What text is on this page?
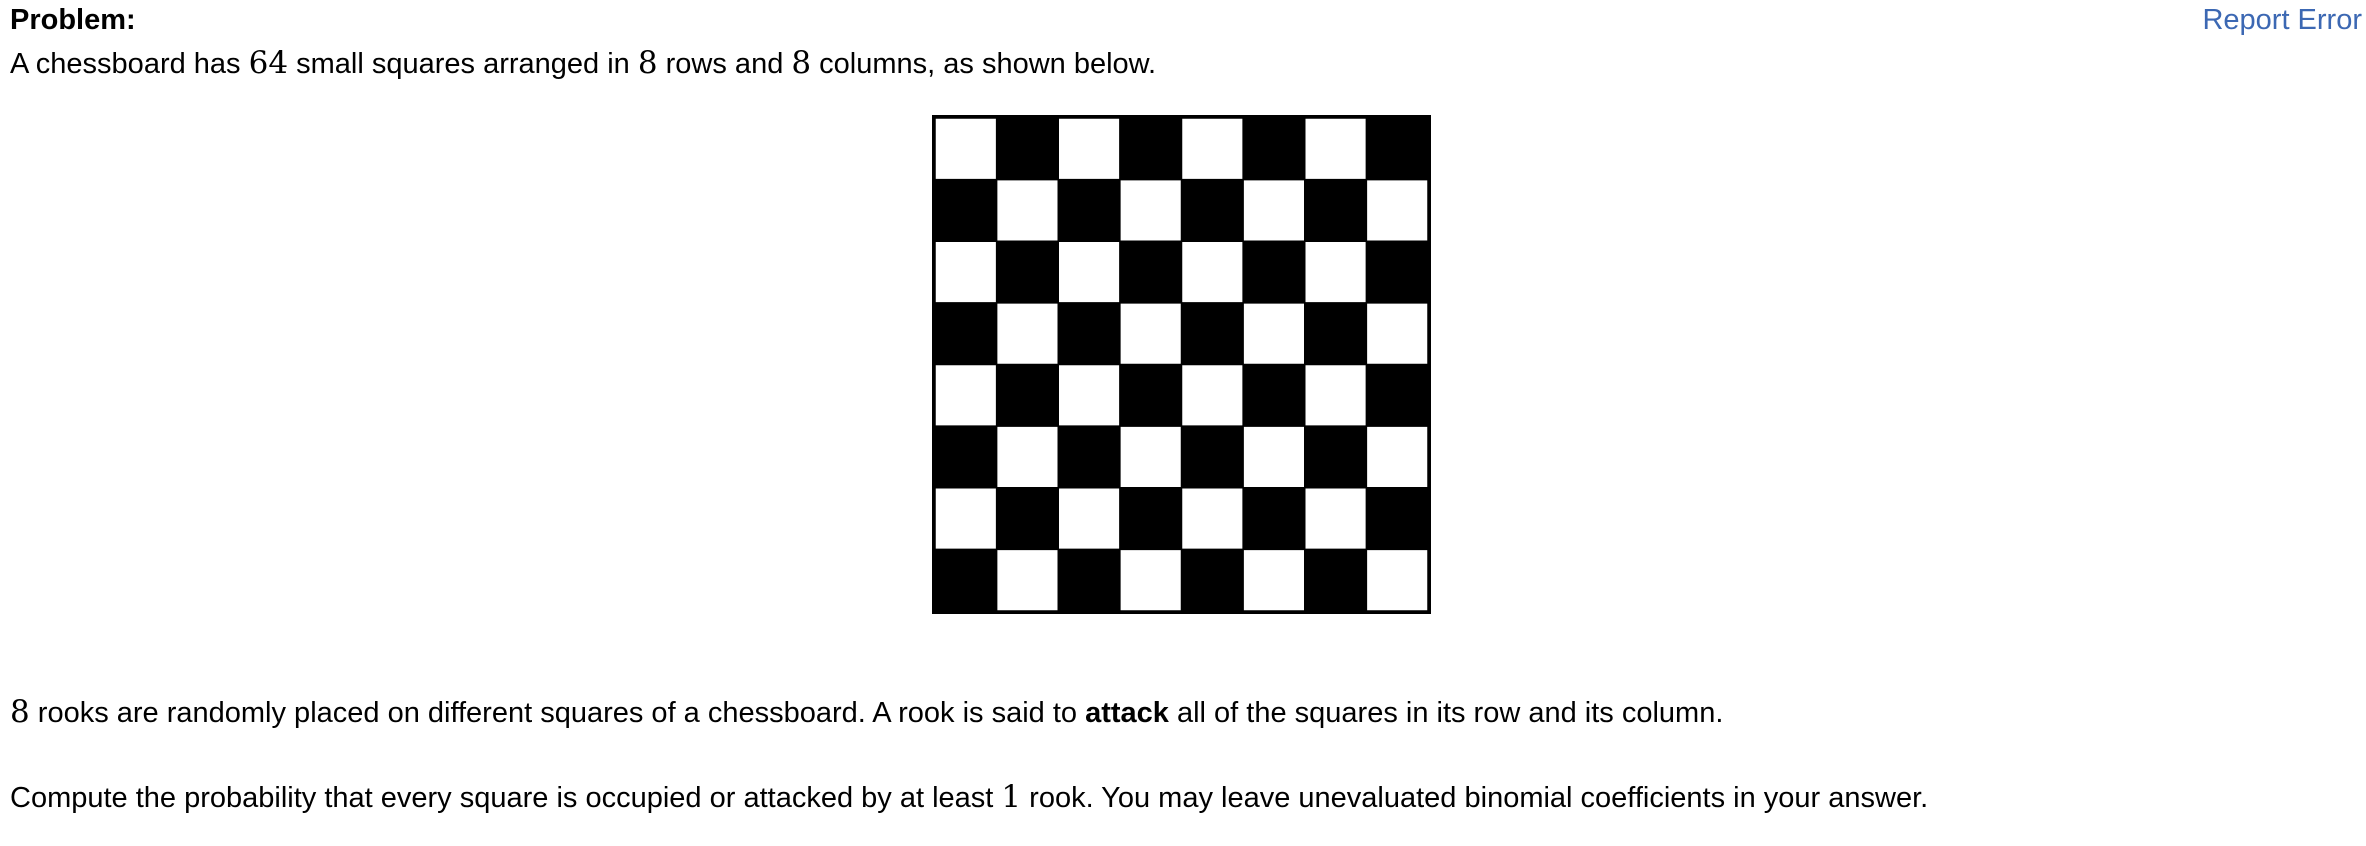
Problem:	Report Error
A chessboard has 64 small squares arranged in 8 rows and 8 columns, as shown below.
8 rooks are randomly placed on different squares of a chessboard. A rook is said to attack all of the squares in its row and its column.
Compute the probability that every square is occupied or attacked by at least 1 rook. You may leave unevaluated binomial coefficients in your answer.
